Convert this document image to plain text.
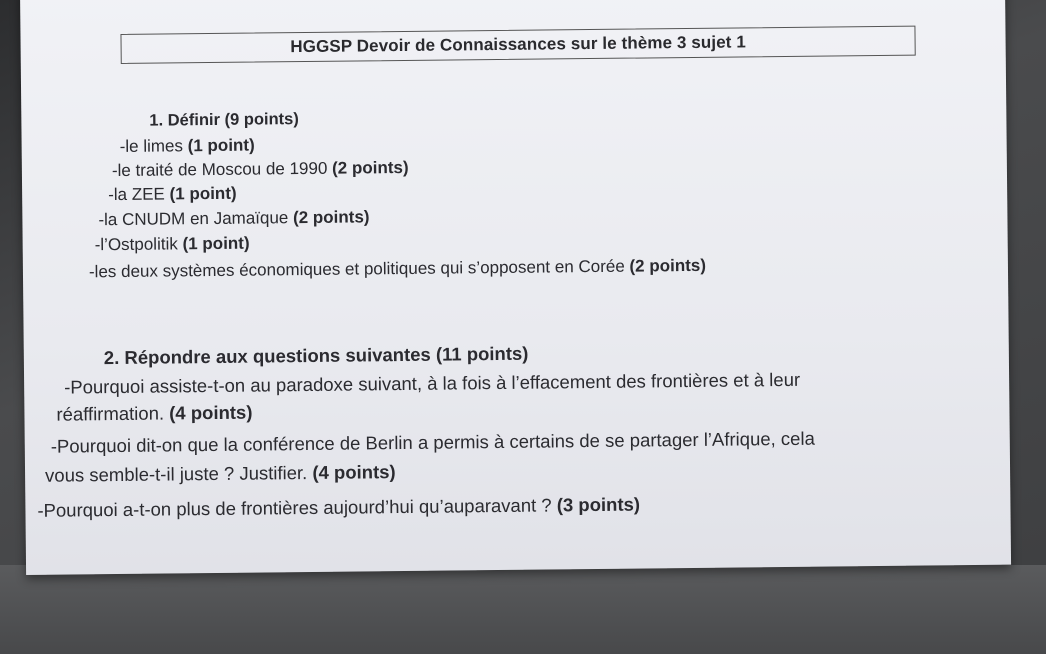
HGGSP Devoir de Connaissances sur le thème 3 sujet 1
1. Définir (9 points)
-le limes (1 point)
-le traité de Moscou de 1990 (2 points)
-la ZEE (1 point)
-la CNUDM en Jamaïque (2 points)
-l’Ostpolitik (1 point)
-les deux systèmes économiques et politiques qui s’opposent en Corée (2 points)
2. Répondre aux questions suivantes (11 points)
-Pourquoi assiste-t-on au paradoxe suivant, à la fois à l’effacement des frontières et à leur
réaffirmation. (4 points)
-Pourquoi dit-on que la conférence de Berlin a permis à certains de se partager l’Afrique, cela
vous semble-t-il juste ? Justifier. (4 points)
-Pourquoi a-t-on plus de frontières aujourd’hui qu’auparavant ? (3 points)
